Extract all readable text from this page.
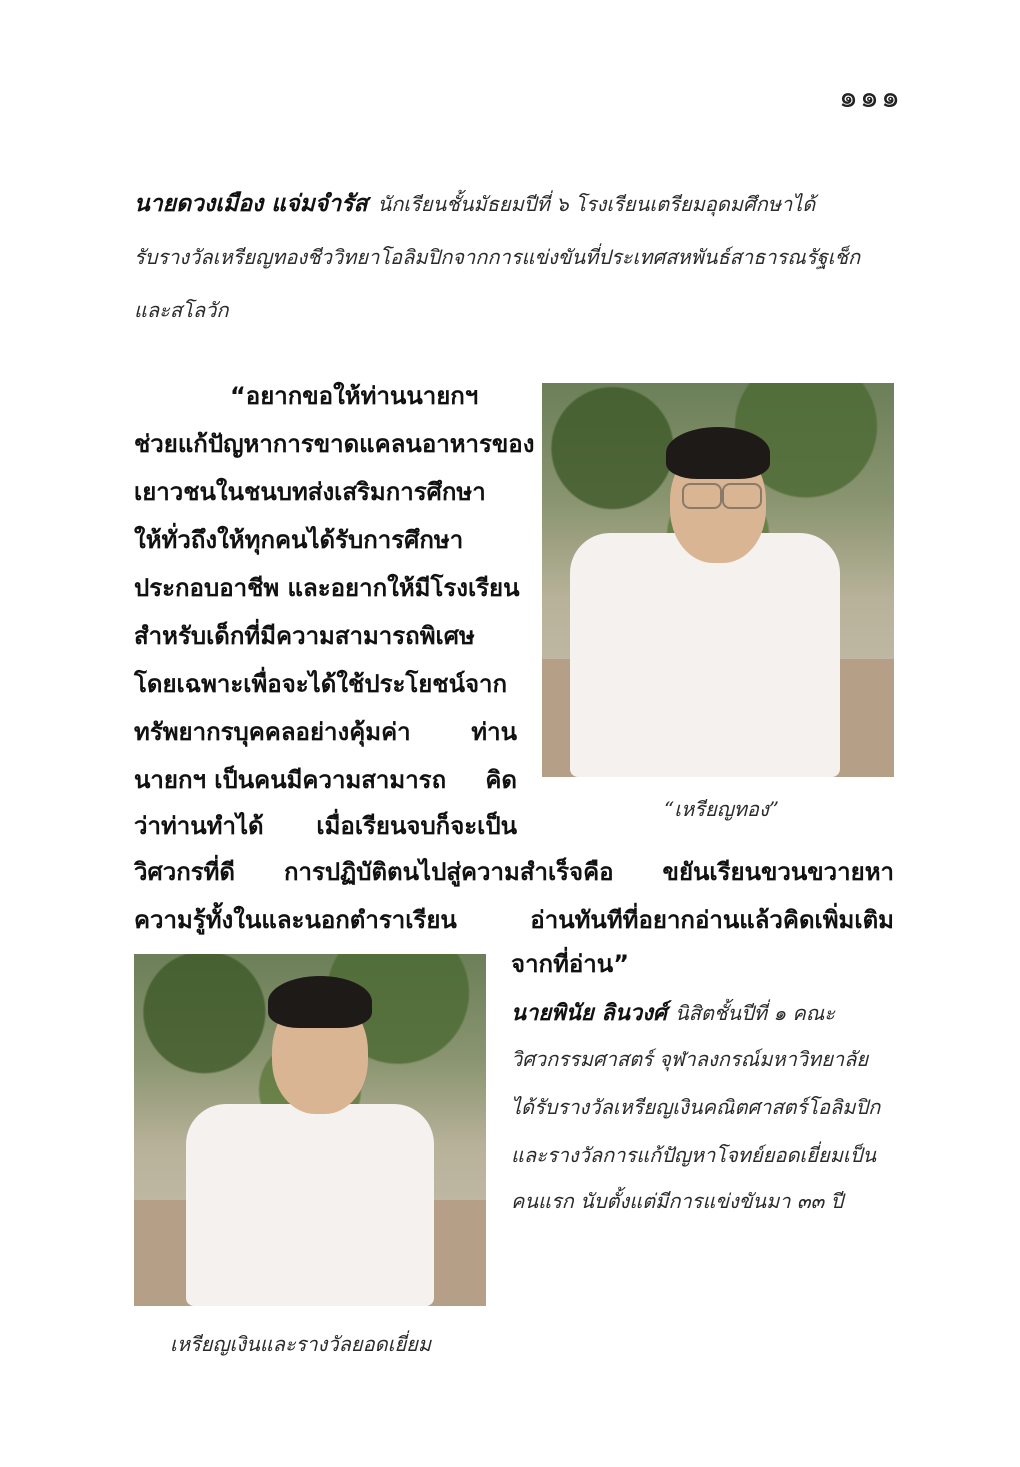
๑๑๑
นายดวงเมือง แจ่มจำรัส นักเรียนชั้นมัธยมปีที่ ๖ โรงเรียนเตรียมอุดมศึกษาได้
รับรางวัลเหรียญทองชีววิทยาโอลิมปิกจากการแข่งขันที่ประเทศสหพันธ์สาธารณรัฐเช็ก
และสโลวัก
“อยากขอให้ท่านนายกฯ
ช่วยแก้ปัญหาการขาดแคลนอาหารของ
เยาวชนในชนบทส่งเสริมการศึกษา
ให้ทั่วถึงให้ทุกคนได้รับการศึกษา
ประกอบอาชีพ และอยากให้มีโรงเรียน
สำหรับเด็กที่มีความสามารถพิเศษ
โดยเฉพาะเพื่อจะได้ใช้ประโยชน์จาก
ทรัพยากรบุคคลอย่างคุ้มค่า	ท่าน
นายกฯ เป็นคนมีความสามารถ คิด
ว่าท่านทำได้ เมื่อเรียนจบก็จะเป็น
วิศวกรที่ดี การปฏิบัติตนไปสู่ความสำเร็จคือ ขยันเรียนขวนขวายหา
ความรู้ทั้งในและนอกตำราเรียน	อ่านทันทีที่อยากอ่านแล้วคิดเพิ่มเติม
จากที่อ่าน”
“เหรียญทอง”
เหรียญเงินและรางวัลยอดเยี่ยม
นายพินัย ลินวงศ์ นิสิตชั้นปีที่ ๑ คณะ
วิศวกรรมศาสตร์ จุฬาลงกรณ์มหาวิทยาลัย
ได้รับรางวัลเหรียญเงินคณิตศาสตร์โอลิมปิก
และรางวัลการแก้ปัญหาโจทย์ยอดเยี่ยมเป็น
คนแรก นับตั้งแต่มีการแข่งขันมา ๓๓ ปี
